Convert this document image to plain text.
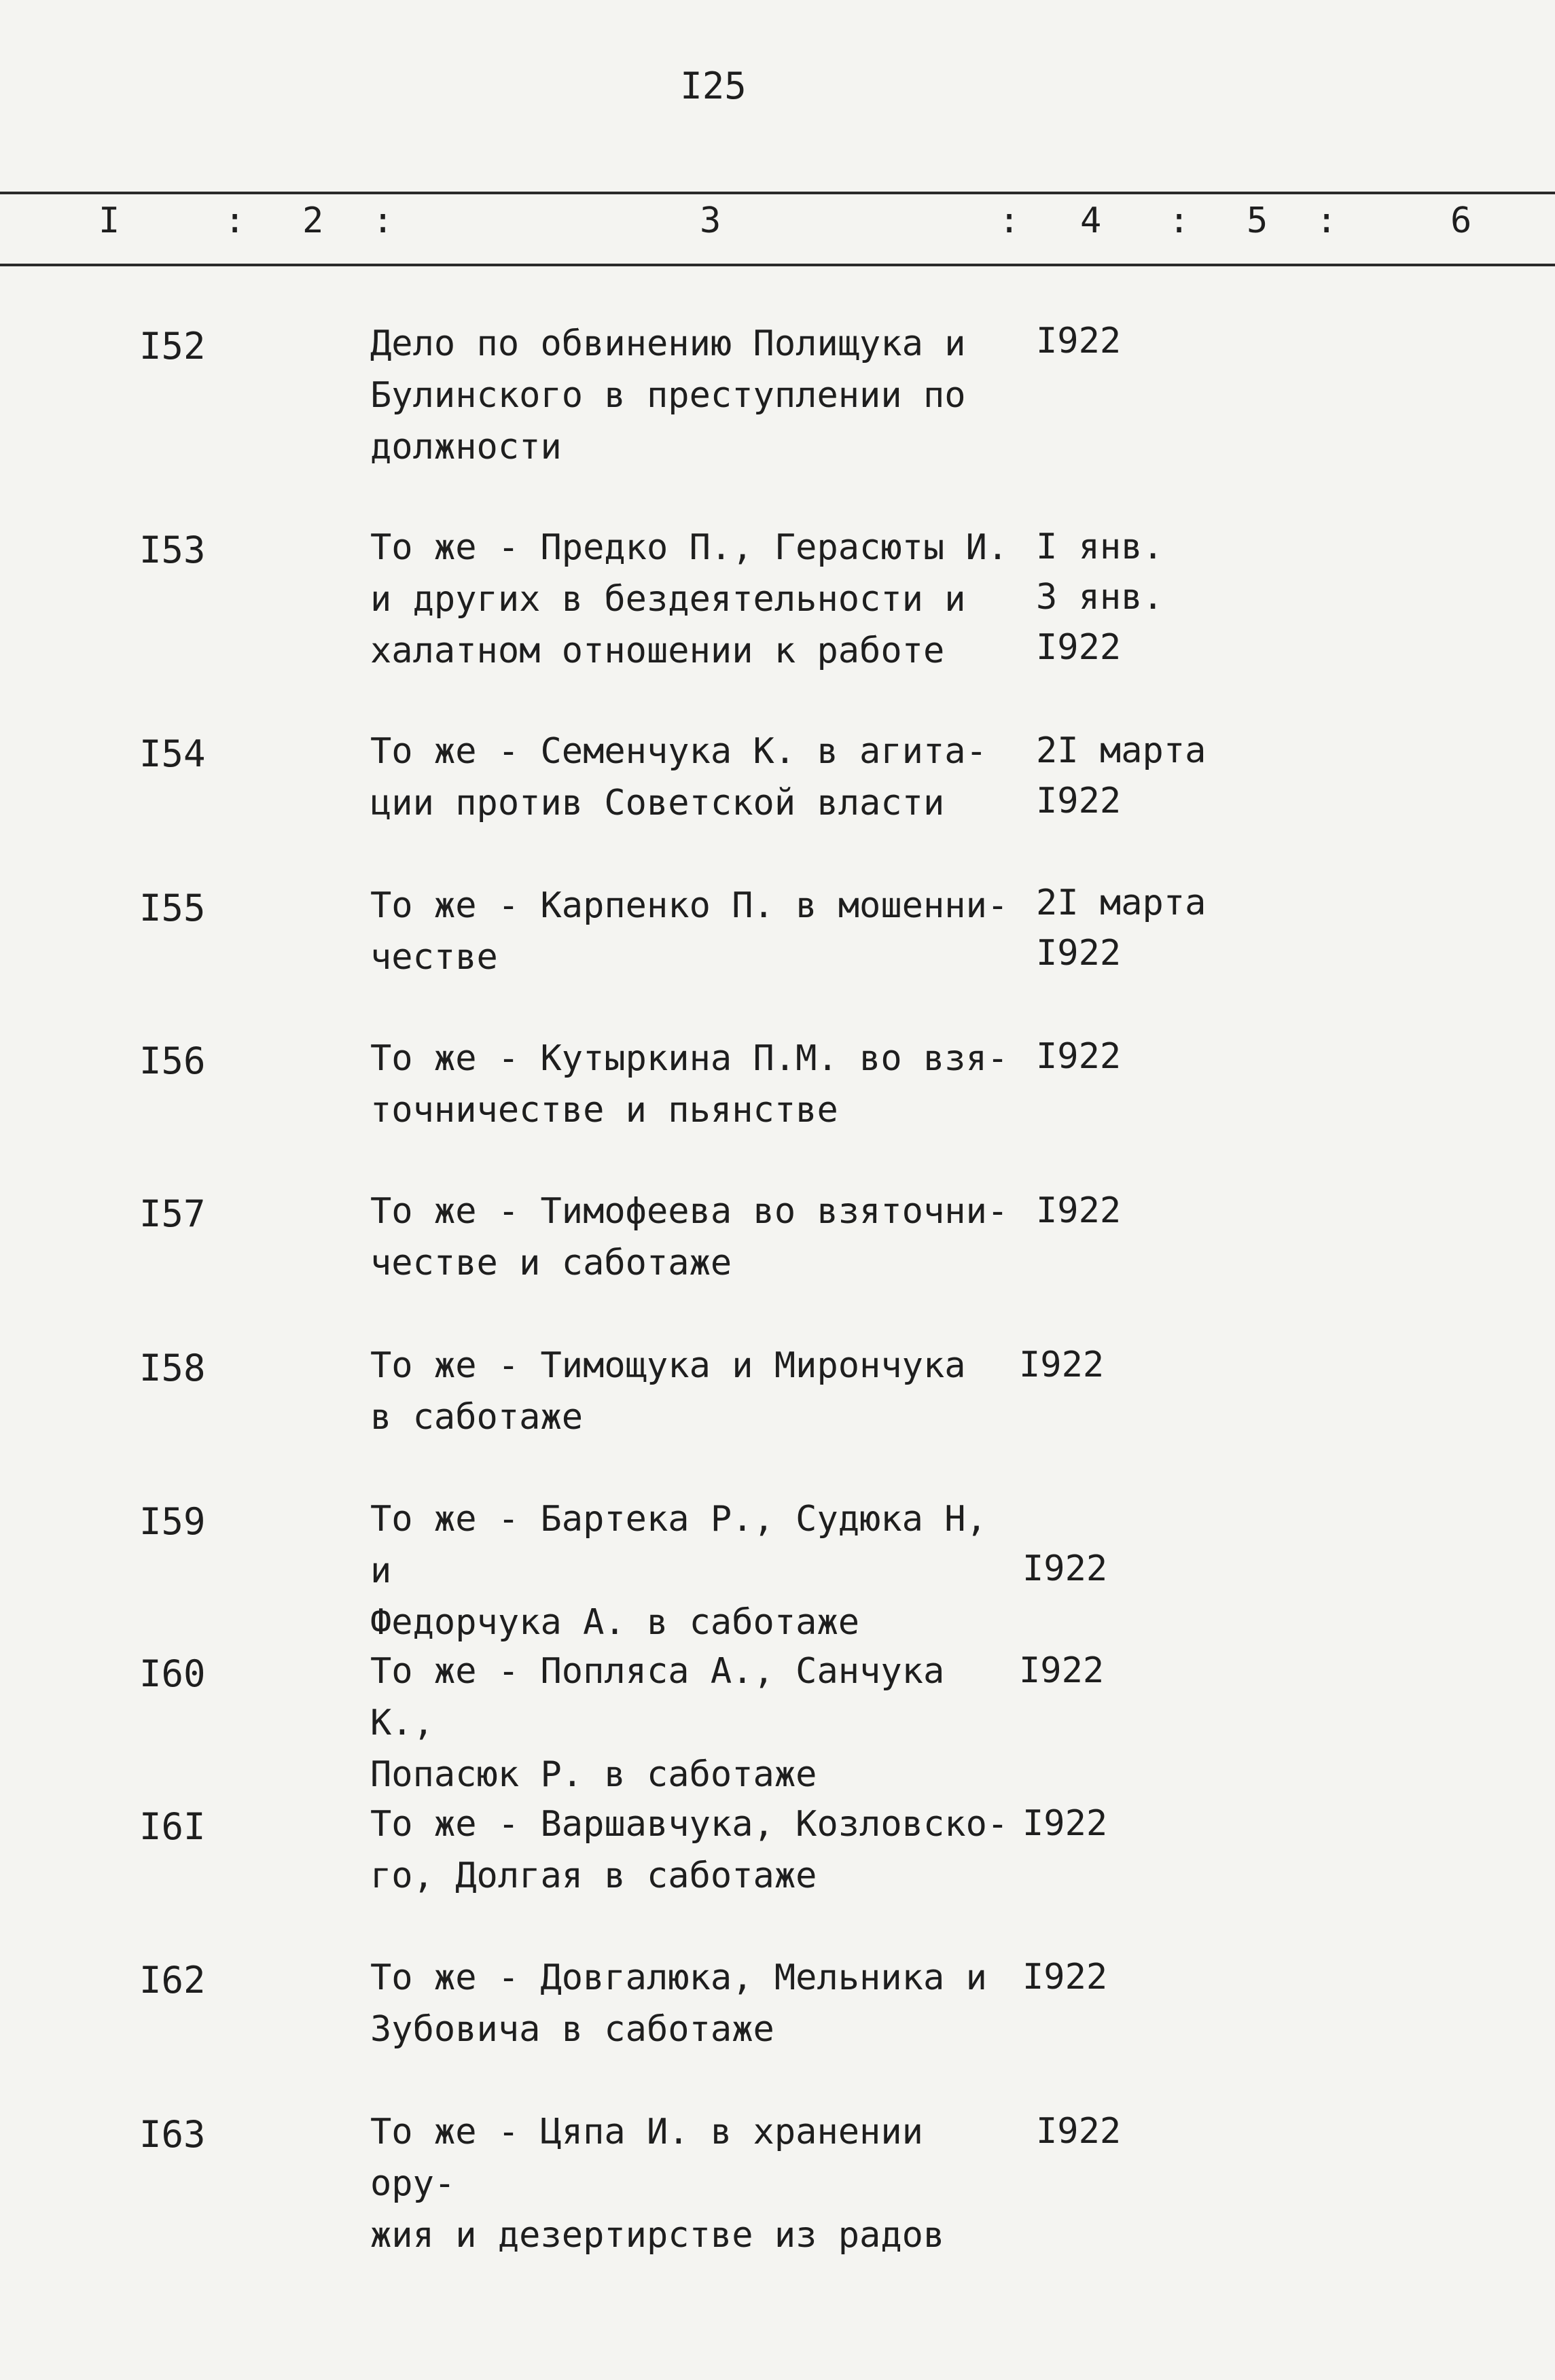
I25
I	: 2 :	3	: 4 : 5 :	6
I52	Дело по обвинению Полищука и
Булинского в преступлении по
должности
I922
I53	То же - Предко П., Герасюты И.
и других в бездеятельности и
халатном отношении к работе
I янв.
3 янв.
I922
I54	То же - Семенчука К. в агита-
ции против Советской власти
2I марта
I922
I55	То же - Карпенко П. в мошенни-
честве
2I марта
I922
I56	То же - Кутыркина П.М. во взя-
точничестве и пьянстве
I922
I57	То же - Тимофеева во взяточни-
честве и саботаже
I922
I58	То же - Тимощука и Мирончука
в саботаже
I922
I59	То же - Бартека Р., Судюка Н, и
Федорчука А. в саботаже

I922
I60	То же - Попляса А., Санчука К.,
Попасюк Р. в саботаже
I922
I6I	То же - Варшавчука, Козловско-
го, Долгая в саботаже
I922
I62	То же - Довгалюка, Мельника и
Зубовича в саботаже
I922
I63	То же - Цяпа И. в хранении ору-
жия и дезертирстве из радов
I922
